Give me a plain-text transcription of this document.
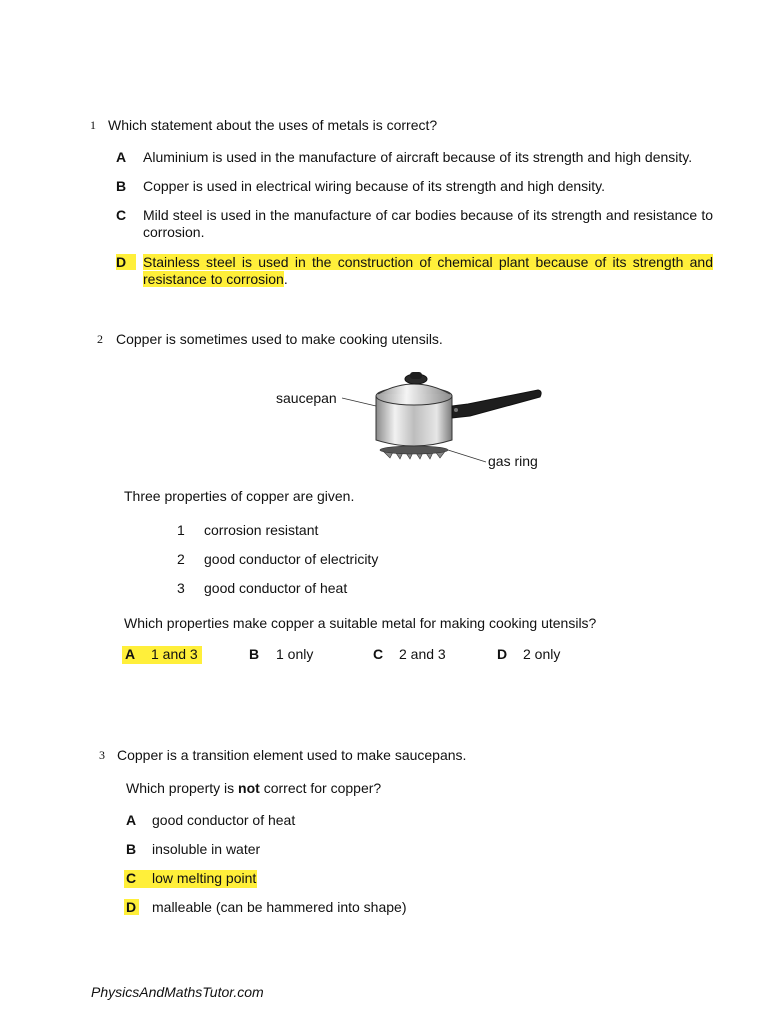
1 Which statement about the uses of metals is correct?
A Aluminium is used in the manufacture of aircraft because of its strength and high density.
B Copper is used in electrical wiring because of its strength and high density.
C Mild steel is used in the manufacture of car bodies because of its strength and resistance to corrosion.
D	Stainless steel is used in the construction of chemical plant because of its strength and resistance to corrosion.
2 Copper is sometimes used to make cooking utensils.
saucepan
gas ring
Three properties of copper are given.
1 corrosion resistant
2 good conductor of electricity
3 good conductor of heat
Which properties make copper a suitable metal for making cooking utensils?
A 1 and 3	B 1 only	C 2 and 3	D 2 only
3 Copper is a transition element used to make saucepans.
Which property is not correct for copper?
A good conductor of heat
B insoluble in water
C low melting point
D malleable (can be hammered into shape)
PhysicsAndMathsTutor.com
